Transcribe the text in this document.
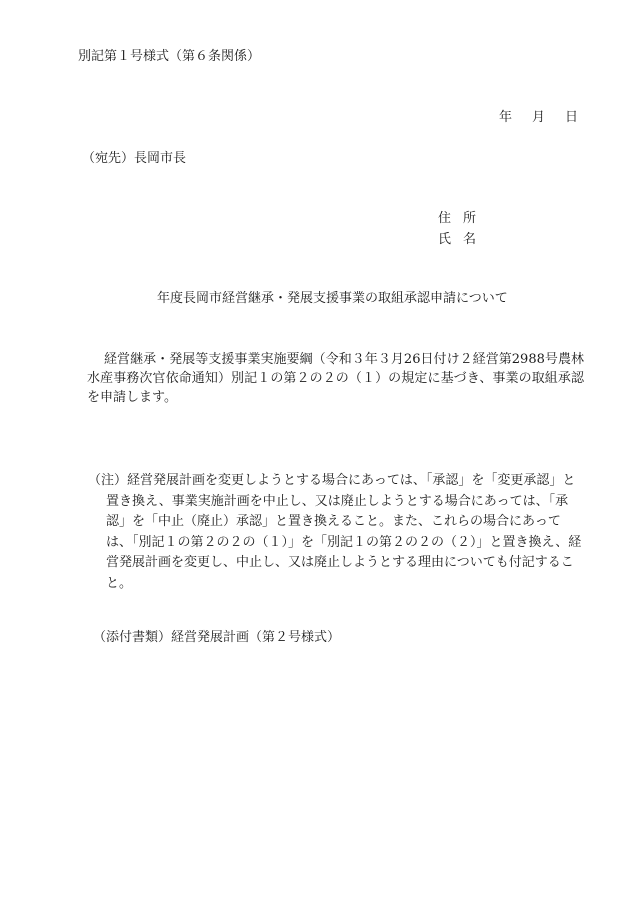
別記第１号様式（第６条関係）
年 月 日
（宛先）長岡市長
住所
氏名
年度長岡市経営継承・発展支援事業の取組承認申請について
経営継承・発展等支援事業実施要綱（令和３年３月26日付け２経営第2988号農林水産事務次官依命通知）別記１の第２の２の（１）の規定に基づき、事業の取組承認を申請します。
（注）経営発展計画を変更しようとする場合にあっては、「承認」を「変更承認」と置き換え、事業実施計画を中止し、又は廃止しようとする場合にあっては、「承認」を「中止（廃止）承認」と置き換えること。また、これらの場合にあっては、「別記１の第２の２の（１）」を「別記１の第２の２の（２）」と置き換え、経営発展計画を変更し、中止し、又は廃止しようとする理由についても付記すること。
（添付書類）経営発展計画（第２号様式）
